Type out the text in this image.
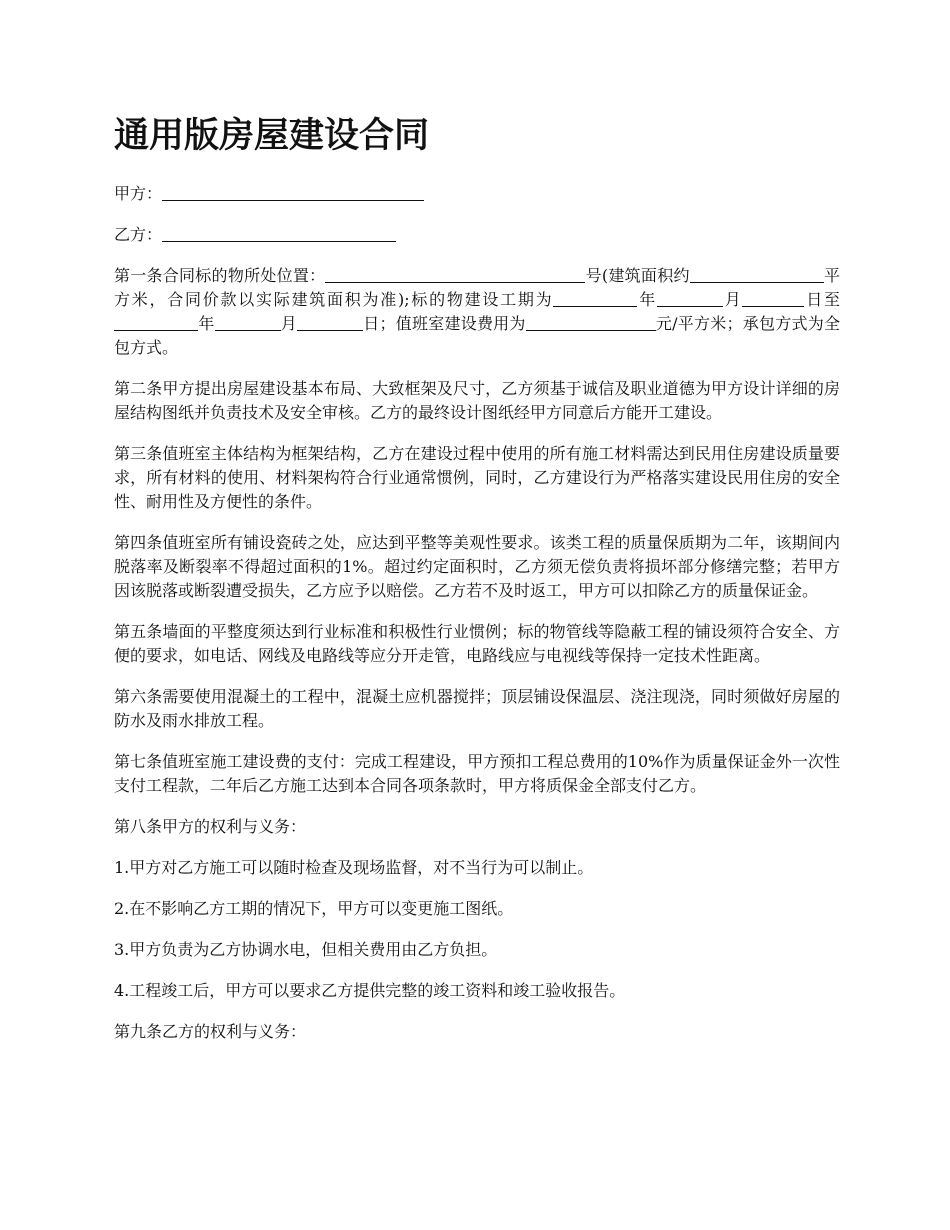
通用版房屋建设合同

甲方：

乙方：

第一条合同标的物所处位置：	号(建筑面积约	平方米，合同价款以实际建筑面积为准);标的物建设工期为	年	月	日至年	月	日；值班室建设费用为	元/平方米；承包方式为全包方式。

第二条甲方提出房屋建设基本布局、大致框架及尺寸，乙方须基于诚信及职业道德为甲方设计详细的房屋结构图纸并负责技术及安全审核。乙方的最终设计图纸经甲方同意后方能开工建设。

第三条值班室主体结构为框架结构，乙方在建设过程中使用的所有施工材料需达到民用住房建设质量要求，所有材料的使用、材料架构符合行业通常惯例，同时，乙方建设行为严格落实建设民用住房的安全性、耐用性及方便性的条件。

第四条值班室所有铺设瓷砖之处，应达到平整等美观性要求。该类工程的质量保质期为二年，该期间内脱落率及断裂率不得超过面积的1%。超过约定面积时，乙方须无偿负责将损坏部分修缮完整；若甲方因该脱落或断裂遭受损失，乙方应予以赔偿。乙方若不及时返工，甲方可以扣除乙方的质量保证金。

第五条墙面的平整度须达到行业标准和积极性行业惯例；标的物管线等隐蔽工程的铺设须符合安全、方便的要求，如电话、网线及电路线等应分开走管，电路线应与电视线等保持一定技术性距离。

第六条需要使用混凝土的工程中，混凝土应机器搅拌；顶层铺设保温层、浇注现浇，同时须做好房屋的防水及雨水排放工程。

第七条值班室施工建设费的支付：完成工程建设，甲方预扣工程总费用的10%作为质量保证金外一次性支付工程款，二年后乙方施工达到本合同各项条款时，甲方将质保金全部支付乙方。

第八条甲方的权利与义务：

1.甲方对乙方施工可以随时检查及现场监督，对不当行为可以制止。

2.在不影响乙方工期的情况下，甲方可以变更施工图纸。

3.甲方负责为乙方协调水电，但相关费用由乙方负担。

4.工程竣工后，甲方可以要求乙方提供完整的竣工资料和竣工验收报告。

第九条乙方的权利与义务：
